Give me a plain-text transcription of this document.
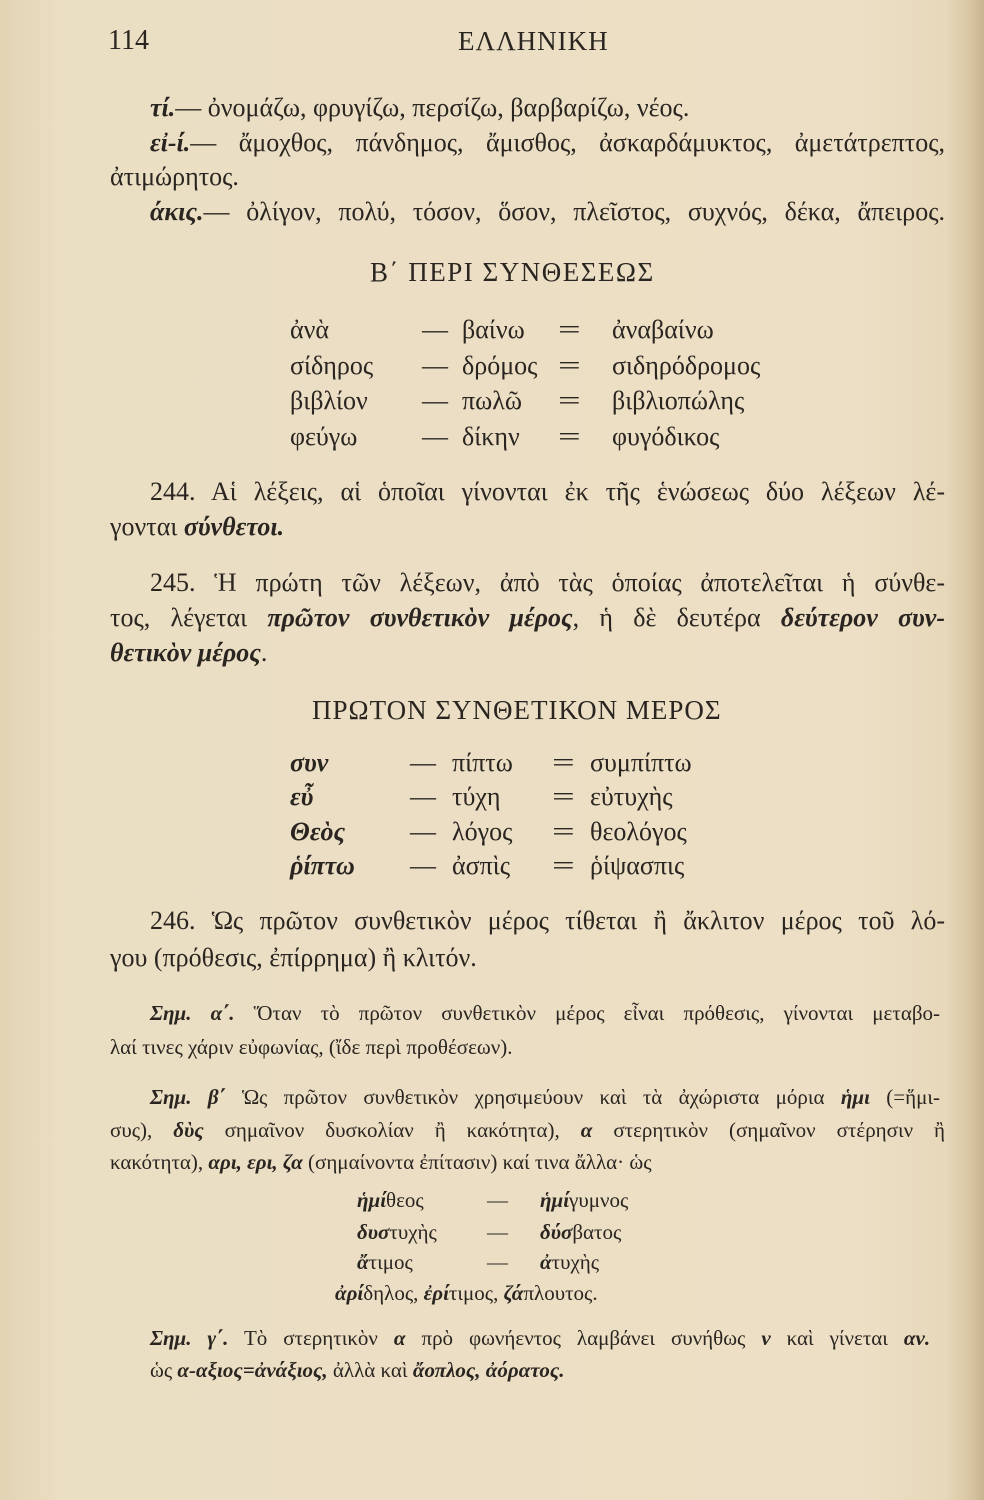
114	ΕΛΛΗΝΙΚΗ
τί.— ὀνομάζω, φρυγίζω, περσίζω, βαρβαρίζω, νέος.
εἰ-ί.— ἄμοχθος, πάνδημος, ἄμισθος, ἀσκαρδάμυκτος, ἀμετάτρεπτος,
ἀτιμώρητος.
άκις.— ὀλίγον, πολύ, τόσον, ὅσον, πλεῖστος, συχνός, δέκα, ἄπειρος.
Β΄ ΠΕΡΙ ΣΥΝΘΕΣΕΩΣ
ἀνὰ	— βαίνω = ἀναβαίνω
σίδηρος — δρόμος = σιδηρόδρομος
βιβλίον — πωλῶ = βιβλιοπώλης
φεύγω — δίκην = φυγόδικος
244. Αἱ λέξεις, αἱ ὁποῖαι γίνονται ἐκ τῆς ἑνώσεως δύο λέξεων λέ-
γονται σύνθετοι.
245. Ἡ πρώτη τῶν λέξεων, ἀπὸ τὰς ὁποίας ἀποτελεῖται ἡ σύνθε-
τος, λέγεται πρῶτον συνθετικὸν μέρος, ἡ δὲ δευτέρα δεύτερον συν-
θετικὸν μέρος.
ΠΡΩΤΟΝ ΣΥΝΘΕΤΙΚΟΝ ΜΕΡΟΣ
συν	— πίπτω = συμπίπτω
εὖ	— τύχη = εὐτυχὴς
Θεὸς — λόγος = θεολόγος
ῥίπτω — ἀσπὶς = ῥίψασπις
246. Ὡς πρῶτον συνθετικὸν μέρος τίθεται ἢ ἄκλιτον μέρος τοῦ λό-
γου (πρόθεσις, ἐπίρρημα) ἢ κλιτόν.
Σημ. α΄. Ὅταν τὸ πρῶτον συνθετικὸν μέρος εἶναι πρόθεσις, γίνονται μεταβο-
λαί τινες χάριν εὐφωνίας, (ἴδε περὶ προθέσεων).
Σημ. β΄ Ὡς πρῶτον συνθετικὸν χρησιμεύουν καὶ τὰ ἀχώριστα μόρια ἡμι (=ἥμι-
συς), δὺς σημαῖνον δυσκολίαν ἢ κακότητα), α στερητικὸν (σημαῖνον στέρησιν ἢ
κακότητα), αρι, ερι, ζα (σημαίνοντα ἐπίτασιν) καί τινα ἄλλα· ὡς
ἡμίθεος	— ἡμίγυμνος
δυστυχὴς — δύσβατος
ἄτιμος	— ἀτυχὴς
ἀρίδηλος, ἐρίτιμος, ζάπλουτος.
Σημ. γ΄. Τὸ στερητικὸν α πρὸ φωνήεντος λαμβάνει συνήθως ν καὶ γίνεται αν.
ὡς α-αξιος=ἀνάξιος, ἀλλὰ καὶ ἄοπλος, ἀόρατος.
